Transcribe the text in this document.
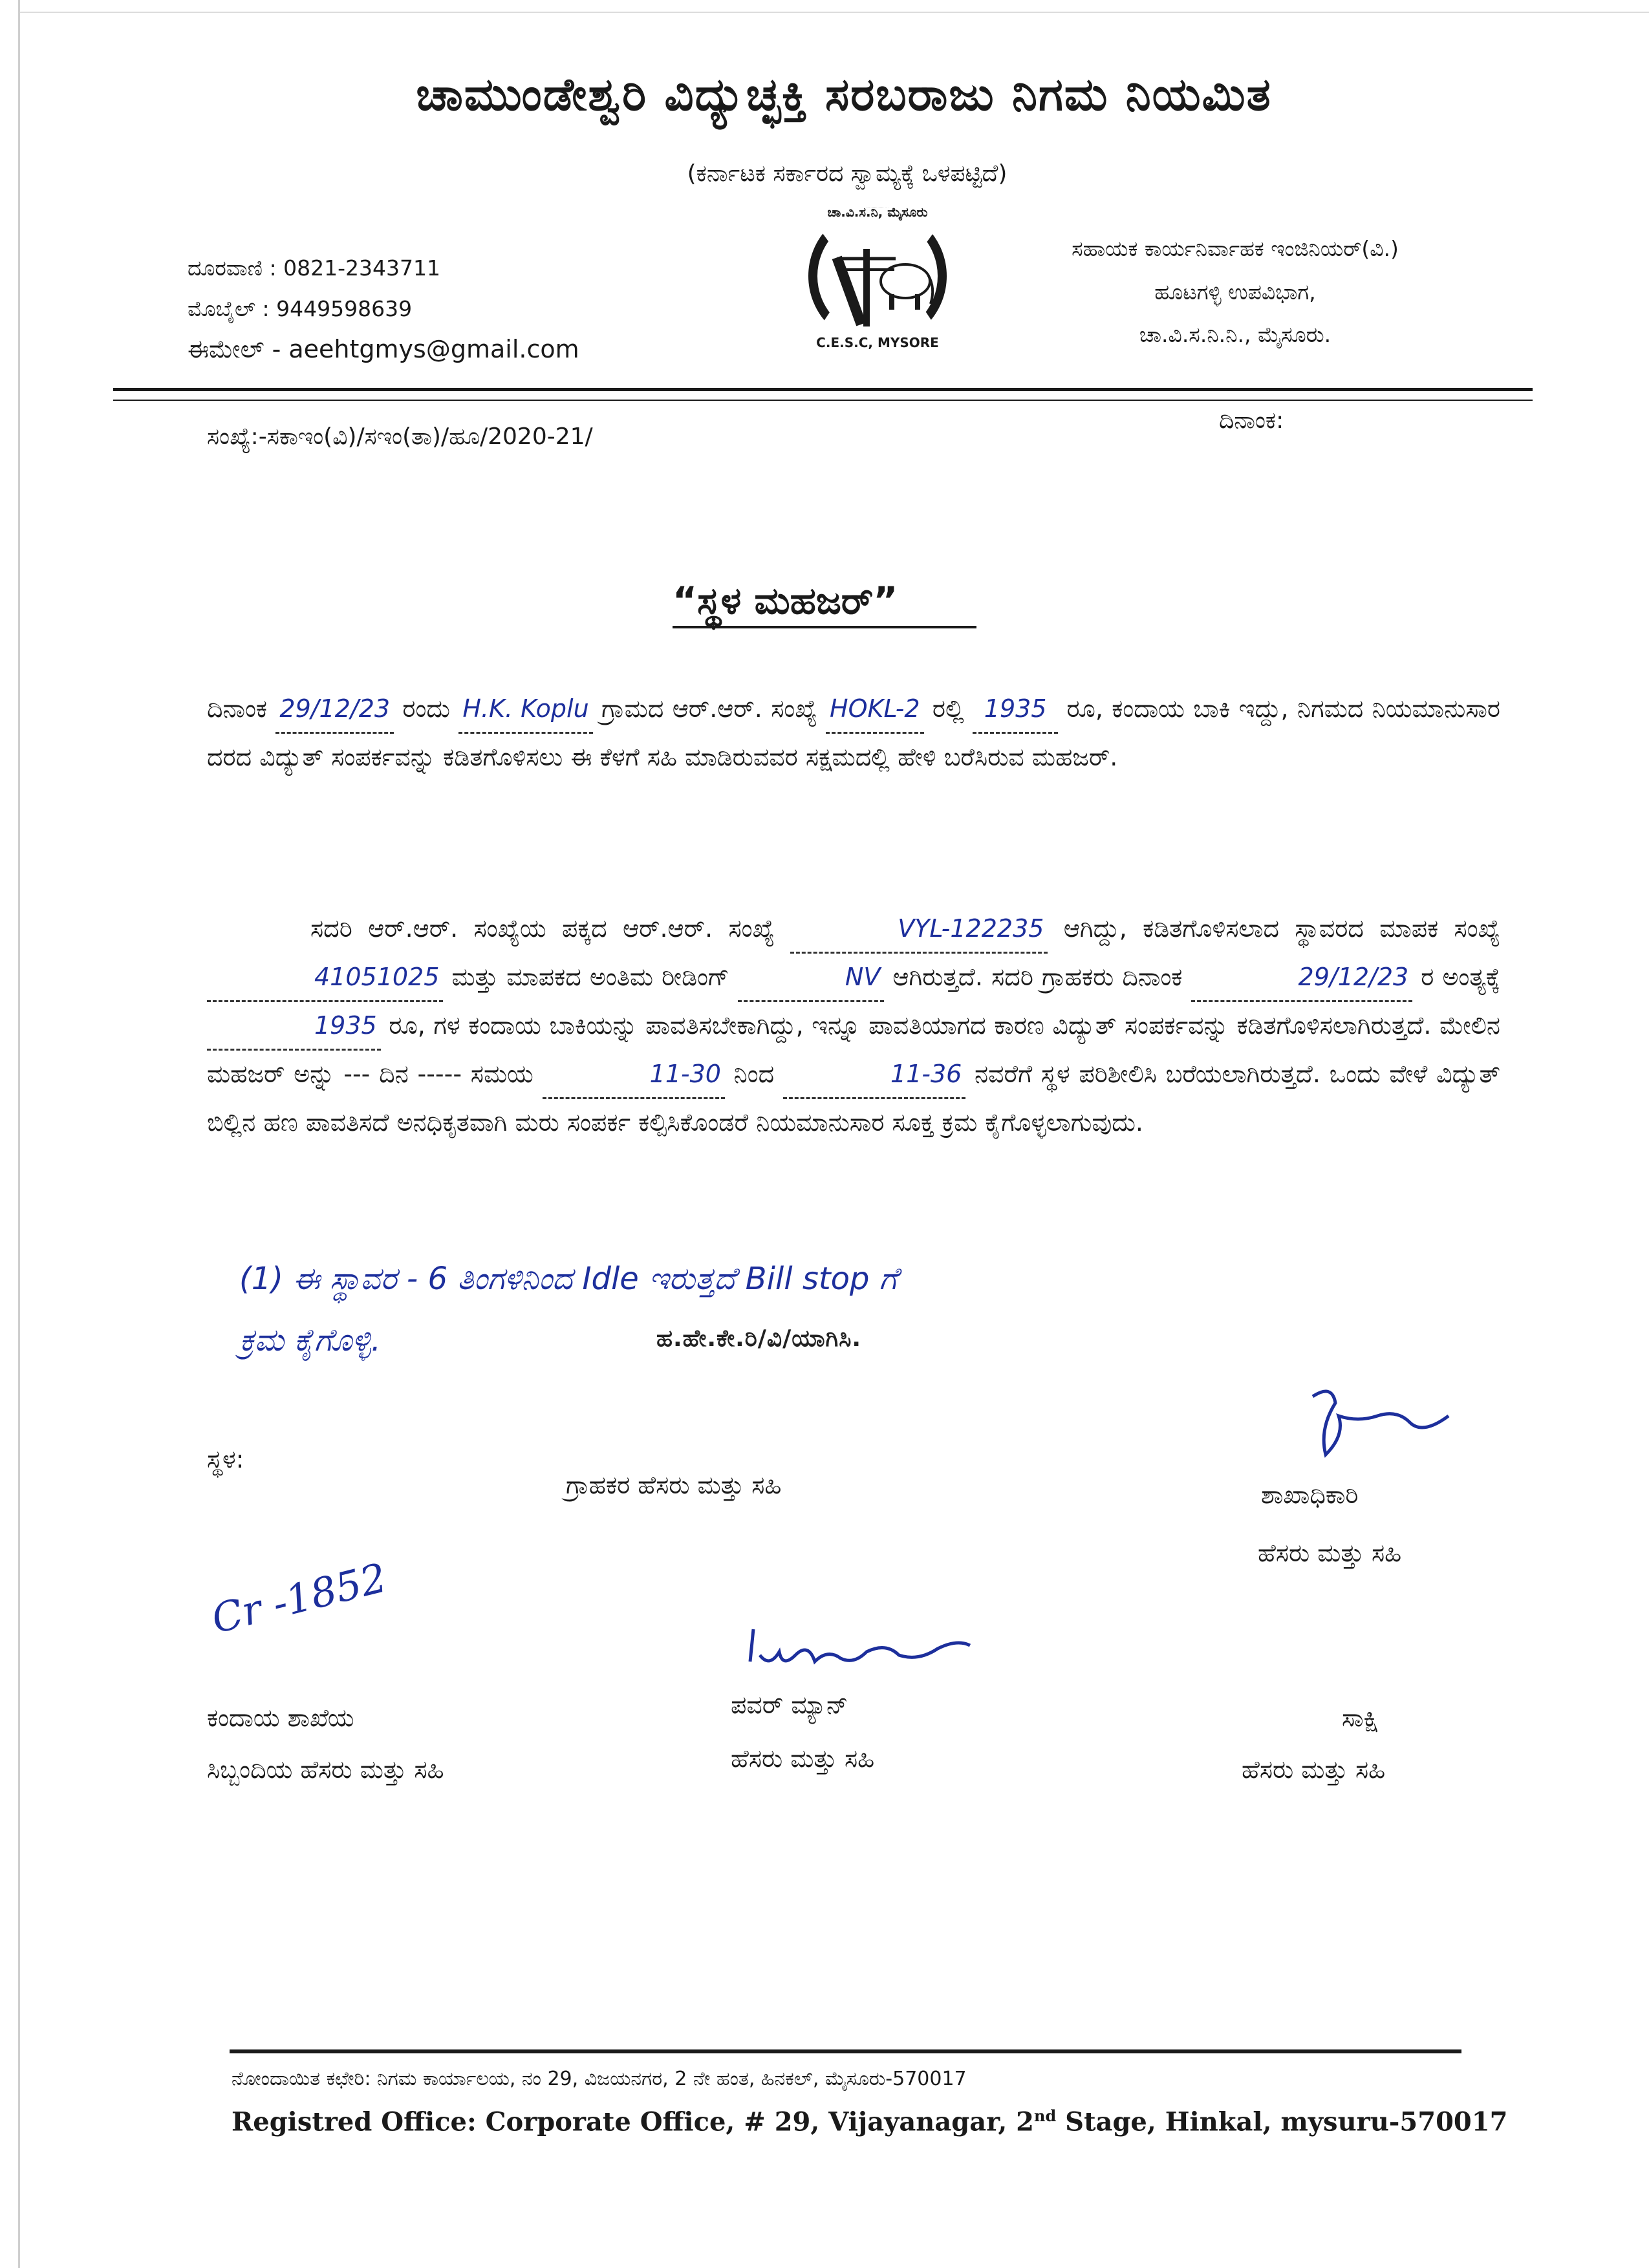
ಚಾಮುಂಡೇಶ್ವರಿ ವಿದ್ಯುಚ್ಛಕ್ತಿ ಸರಬರಾಜು ನಿಗಮ ನಿಯಮಿತ
(ಕರ್ನಾಟಕ ಸರ್ಕಾರದ ಸ್ವಾಮ್ಯಕ್ಕೆ ಒಳಪಟ್ಟಿದೆ)
ದೂರವಾಣಿ : 0821-2343711
ಮೊಬೈಲ್ : 9449598639
ಈಮೇಲ್ - aeehtgmys@gmail.com
ಚಾ.ವಿ.ಸ.ನಿ, ಮೈಸೂರು
C.E.S.C, MYSORE
ಸಹಾಯಕ ಕಾರ್ಯನಿರ್ವಾಹಕ ಇಂಜಿನಿಯರ್(ವಿ.)
ಹೂಟಗಳ್ಳಿ ಉಪವಿಭಾಗ,
ಚಾ.ವಿ.ಸ.ನಿ.ನಿ., ಮೈಸೂರು.
ಸಂಖ್ಯೆ:-ಸಕಾಇಂ(ವಿ)/ಸಇಂ(ತಾ)/ಹೂ/2020-21/
ದಿನಾಂಕ:
“ಸ್ಥಳ ಮಹಜರ್”
ದಿನಾಂಕ 29/12/23 ರಂದು H.K. Koplu ಗ್ರಾಮದ ಆರ್.ಆರ್. ಸಂಖ್ಯೆ HOKL-2 ರಲ್ಲಿ 1935 ರೂ, ಕಂದಾಯ ಬಾಕಿ ಇದ್ದು, ನಿಗಮದ ನಿಯಮಾನುಸಾರ ದರದ ವಿದ್ಯುತ್ ಸಂಪರ್ಕವನ್ನು ಕಡಿತಗೊಳಿಸಲು ಈ ಕೆಳಗೆ ಸಹಿ ಮಾಡಿರುವವರ ಸಕ್ಷಮದಲ್ಲಿ ಹೇಳಿ ಬರೆಸಿರುವ ಮಹಜರ್.
ಸದರಿ ಆರ್.ಆರ್. ಸಂಖ್ಯೆಯ ಪಕ್ಕದ ಆರ್.ಆರ್. ಸಂಖ್ಯೆ	VYL-122235 ಆಗಿದ್ದು, ಕಡಿತಗೊಳಿಸಲಾದ ಸ್ಥಾವರದ ಮಾಪಕ ಸಂಖ್ಯೆ 41051025 ಮತ್ತು ಮಾಪಕದ ಅಂತಿಮ ರೀಡಿಂಗ್	NV ಆಗಿರುತ್ತದೆ. ಸದರಿ ಗ್ರಾಹಕರು ದಿನಾಂಕ	29/12/23 ರ ಅಂತ್ಯಕ್ಕೆ 1935 ರೂ, ಗಳ ಕಂದಾಯ ಬಾಕಿಯನ್ನು ಪಾವತಿಸಬೇಕಾಗಿದ್ದು, ಇನ್ನೂ ಪಾವತಿಯಾಗದ ಕಾರಣ ವಿದ್ಯುತ್ ಸಂಪರ್ಕವನ್ನು ಕಡಿತಗೊಳಿಸಲಾಗಿರುತ್ತದೆ. ಮೇಲಿನ ಮಹಜರ್ ಅನ್ನು --- ದಿನ ----- ಸಮಯ	11-30 ನಿಂದ	11-36 ನವರೆಗೆ ಸ್ಥಳ ಪರಿಶೀಲಿಸಿ ಬರೆಯಲಾಗಿರುತ್ತದೆ. ಒಂದು ವೇಳೆ ವಿದ್ಯುತ್ ಬಿಲ್ಲಿನ ಹಣ ಪಾವತಿಸದೆ ಅನಧಿಕೃತವಾಗಿ ಮರು ಸಂಪರ್ಕ ಕಲ್ಪಿಸಿಕೊಂಡರೆ ನಿಯಮಾನುಸಾರ ಸೂಕ್ತ ಕ್ರಮ ಕೈಗೊಳ್ಳಲಾಗುವುದು.
(1) ಈ ಸ್ಥಾವರ - 6 ತಿಂಗಳಿನಿಂದ Idle ಇರುತ್ತದೆ Bill stop ಗೆ
ಕ್ರಮ ಕೈಗೊಳ್ಳಿ.	ಹ.ಹೇ.ಕೇ.ರಿ/ವಿ/ಯಾಗಿಸಿ.
ಸ್ಥಳ:
ಗ್ರಾಹಕರ ಹೆಸರು ಮತ್ತು ಸಹಿ	ಶಾಖಾಧಿಕಾರಿ
ಹೆಸರು ಮತ್ತು ಸಹಿ
Cr -1852
ಕಂದಾಯ ಶಾಖೆಯ
ಸಿಬ್ಬಂದಿಯ ಹೆಸರು ಮತ್ತು ಸಹಿ
ಪವರ್ ಮ್ಯಾನ್
ಹೆಸರು ಮತ್ತು ಸಹಿ
ಸಾಕ್ಷಿ
ಹೆಸರು ಮತ್ತು ಸಹಿ
ನೋಂದಾಯಿತ ಕಛೇರಿ: ನಿಗಮ ಕಾರ್ಯಾಲಯ, ನಂ 29, ವಿಜಯನಗರ, 2 ನೇ ಹಂತ, ಹಿನಕಲ್, ಮೈಸೂರು-570017
Registred Office: Corporate Office, # 29, Vijayanagar, 2nd Stage, Hinkal, mysuru-570017
